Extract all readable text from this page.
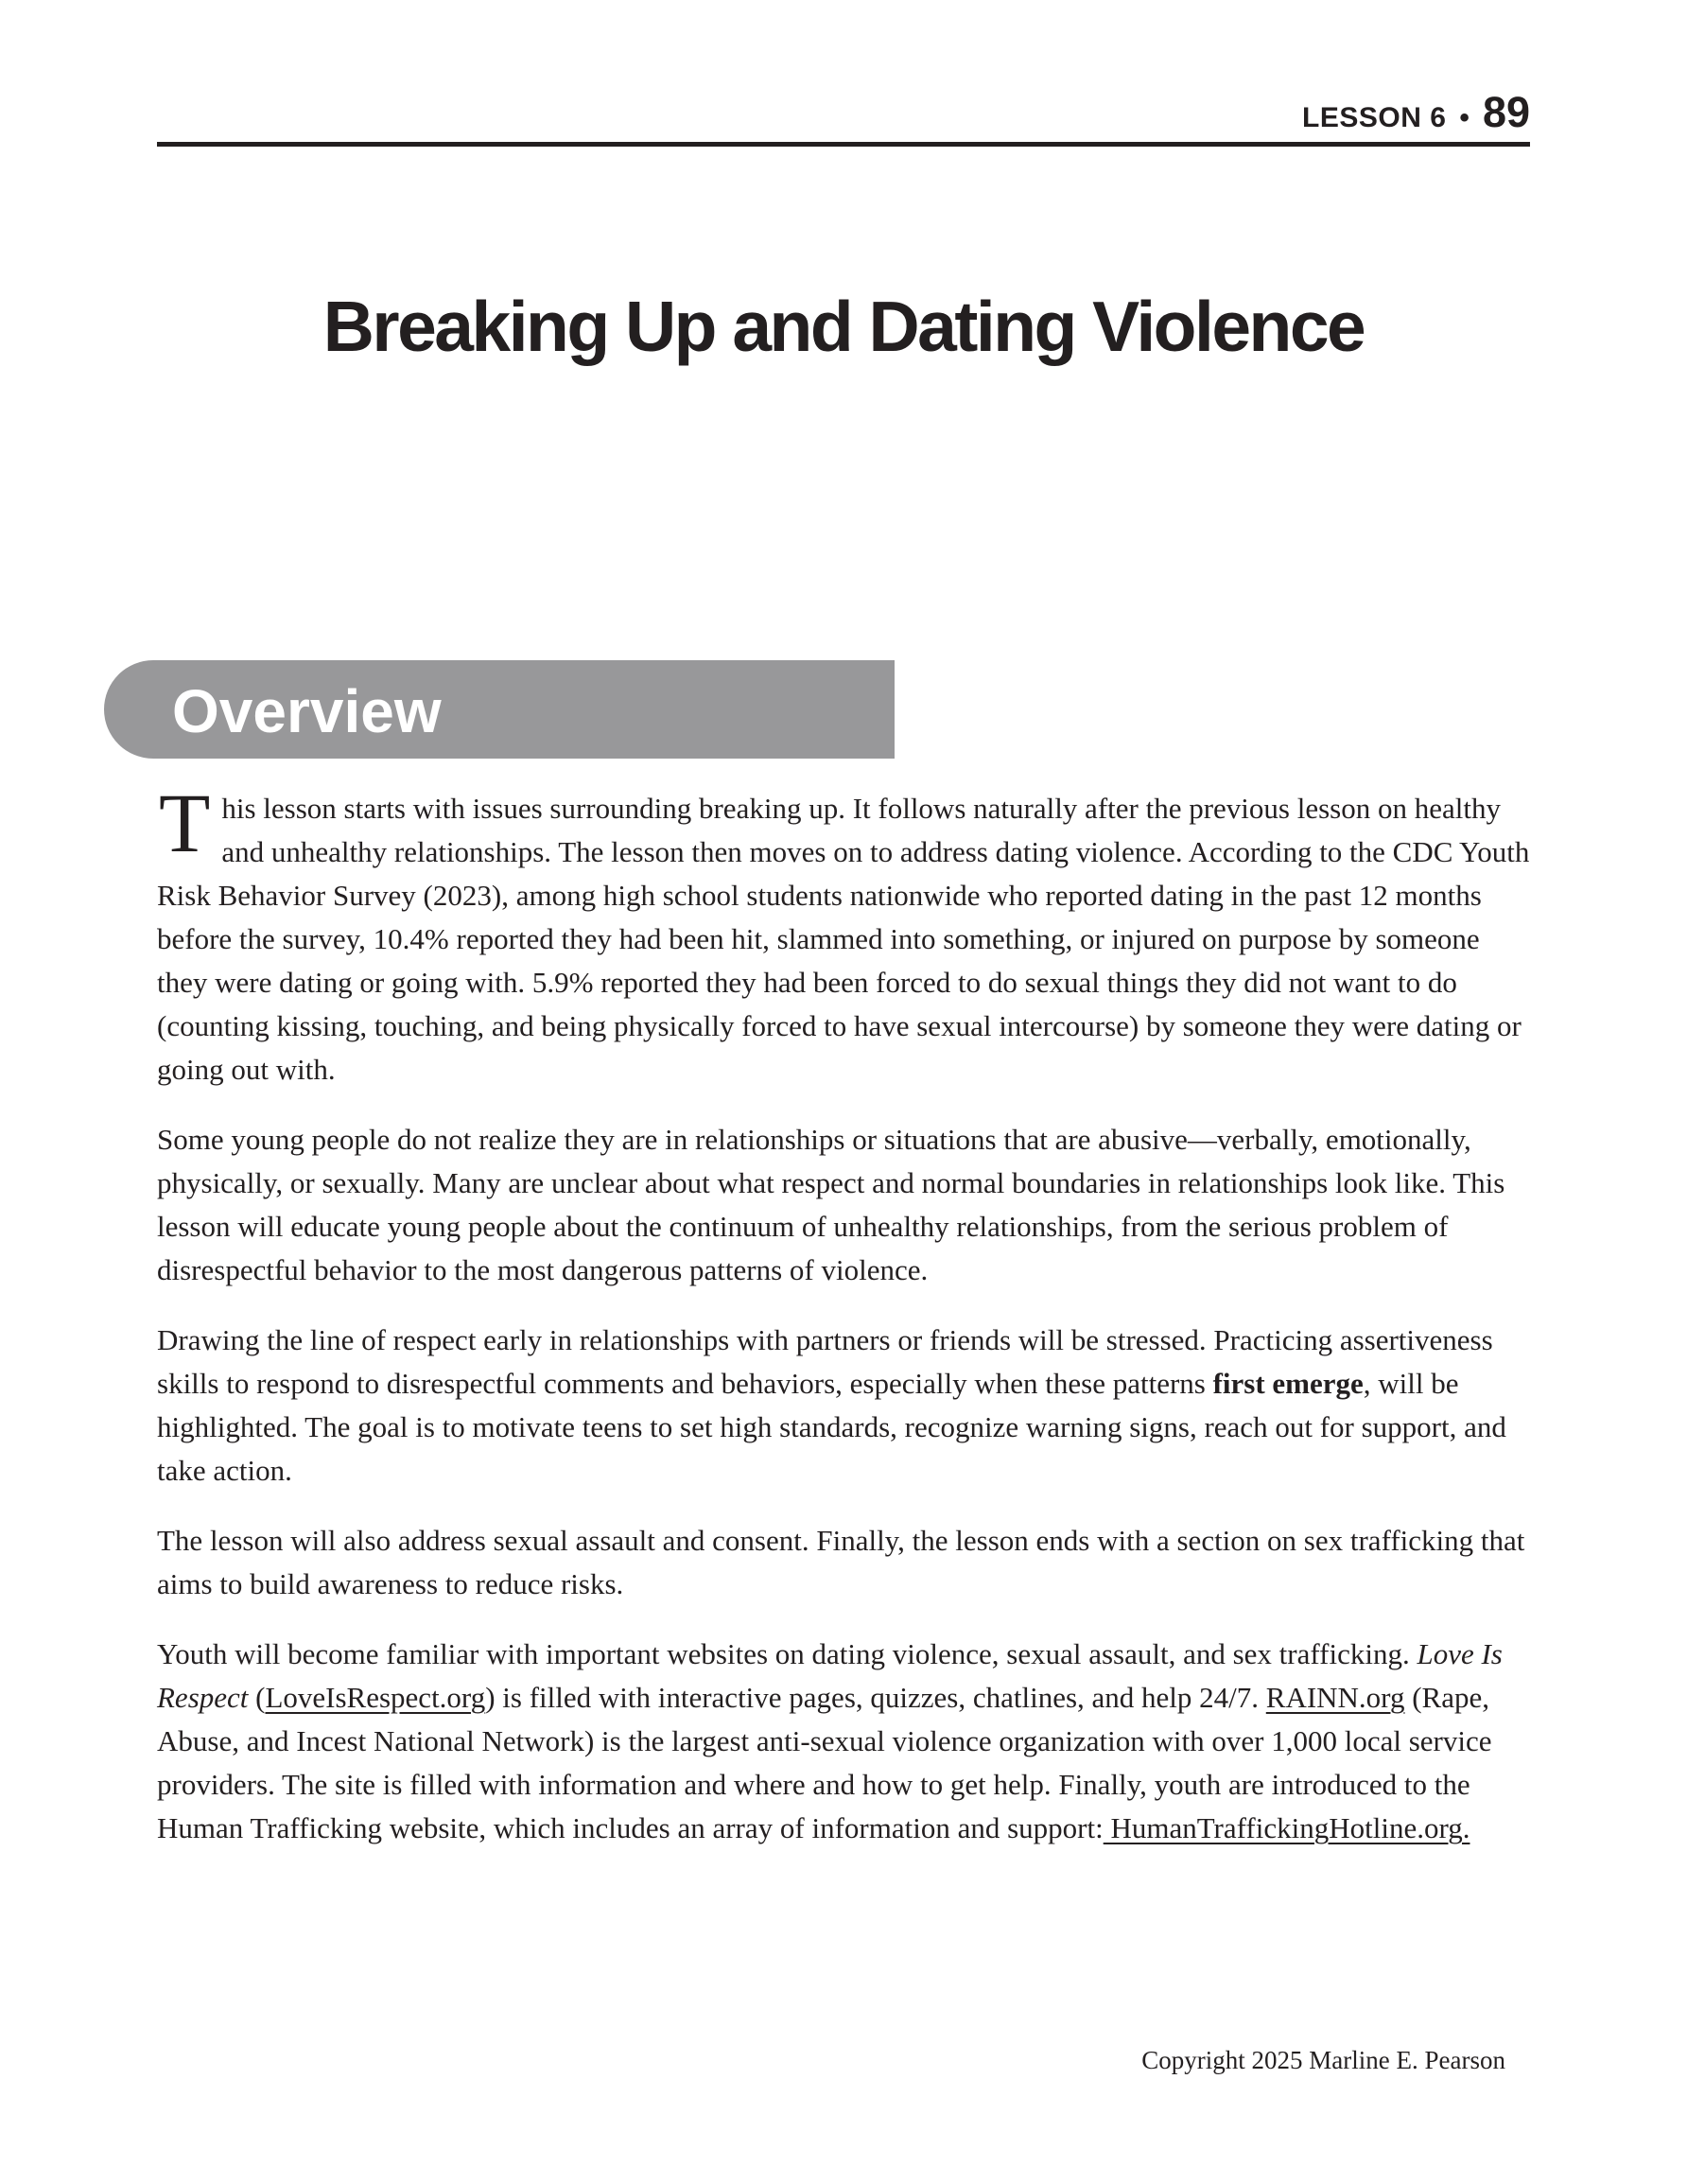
LESSON 6 • 89
Breaking Up and Dating Violence
Overview

This lesson starts with issues surrounding breaking up. It follows naturally after the previous lesson on healthy and unhealthy relationships. The lesson then moves on to address dating violence. According to the CDC Youth Risk Behavior Survey (2023), among high school students nationwide who reported dating in the past 12 months before the survey, 10.4% reported they had been hit, slammed into something, or injured on purpose by someone they were dating or going with. 5.9% reported they had been forced to do sexual things they did not want to do (counting kissing, touching, and being physically forced to have sexual intercourse) by someone they were dating or going out with.

Some young people do not realize they are in relationships or situations that are abusive—verbally, emotionally, physically, or sexually. Many are unclear about what respect and normal boundaries in relationships look like. This lesson will educate young people about the continuum of unhealthy relationships, from the serious problem of disrespectful behavior to the most dangerous patterns of violence.

Drawing the line of respect early in relationships with partners or friends will be stressed. Practicing assertiveness skills to respond to disrespectful comments and behaviors, especially when these patterns first emerge, will be highlighted. The goal is to motivate teens to set high standards, recognize warning signs, reach out for support, and take action.

The lesson will also address sexual assault and consent. Finally, the lesson ends with a section on sex trafficking that aims to build awareness to reduce risks.

Youth will become familiar with important websites on dating violence, sexual assault, and sex trafficking. Love Is Respect (LoveIsRespect.org) is filled with interactive pages, quizzes, chatlines, and help 24/7. RAINN.org (Rape, Abuse, and Incest National Network) is the largest anti-sexual violence organization with over 1,000 local service providers. The site is filled with information and where and how to get help. Finally, youth are introduced to the Human Trafficking website, which includes an array of information and support: HumanTraffickingHotline.org.

Copyright 2025 Marline E. Pearson
